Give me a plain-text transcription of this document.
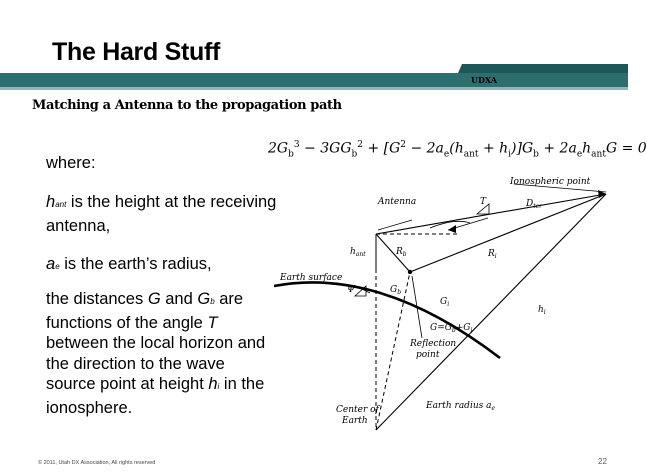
The Hard Stuff
UDXA
Matching a Antenna to the propagation path
where:
hant is the height at the receiving antenna,
ae is the earth’s radius,
the distances G and Gb are functions of the angle T between the local horizon and the direction to the wave source point at height hi in the ionosphere.
$2G_b^3 - 3GG_b^2 + [G^2 - 2a_e(h_{ant} + h_i)]G_b + 2a_eh_{ant}G = 0$
Ionospheric point
Antenna	T	$D_{ter}$
$h_{ant}$	$R_b$	$R_i$
Earth surface
Ψ	$G_b$
$G_i$
$h_i$
$G=G_b+G_i$
Reflection
point
Center of
Earth
Earth radius $a_e$
© 2011, Utah DX Association, All rights reserved	22
